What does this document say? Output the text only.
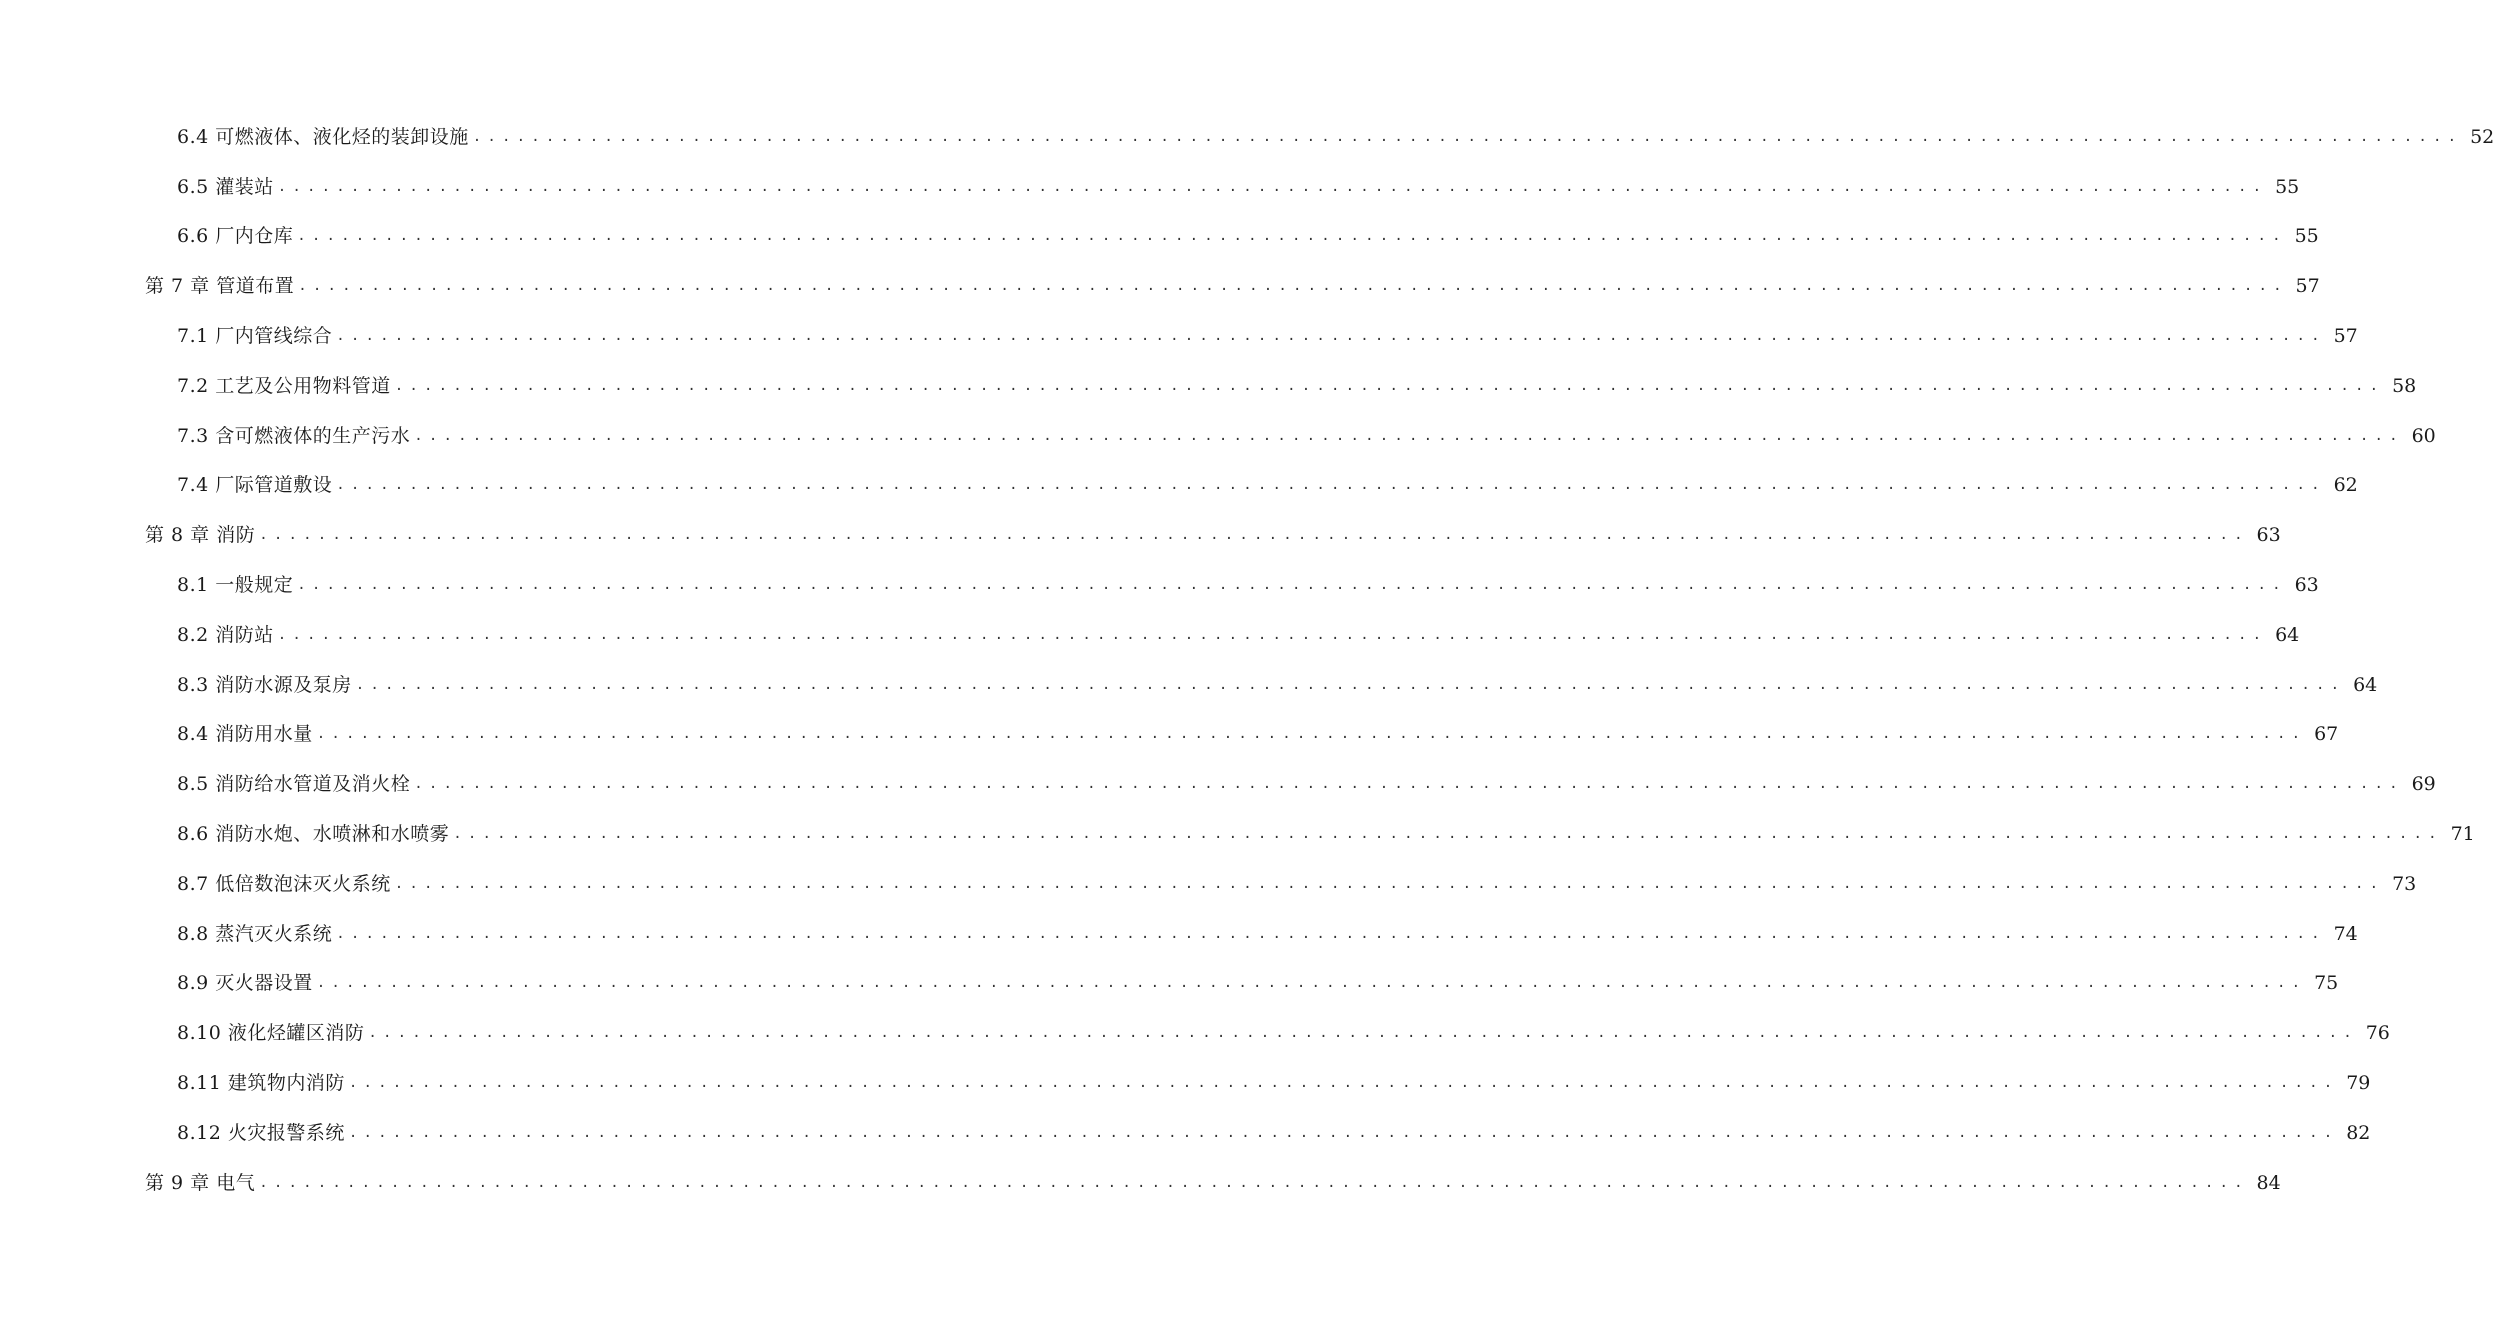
6.4 可燃液体、液化烃的装卸设施 ........................................................................................................................................ 52
6.5 灌装站 ........................................................................................................................................ 55
6.6 厂内仓库 ........................................................................................................................................ 55
第 7 章 管道布置 ........................................................................................................................................ 57
7.1 厂内管线综合 ........................................................................................................................................ 57
7.2 工艺及公用物料管道 ........................................................................................................................................ 58
7.3 含可燃液体的生产污水 ........................................................................................................................................ 60
7.4 厂际管道敷设 ........................................................................................................................................ 62
第 8 章 消防 ........................................................................................................................................ 63
8.1 一般规定 ........................................................................................................................................ 63
8.2 消防站 ........................................................................................................................................ 64
8.3 消防水源及泵房 ........................................................................................................................................ 64
8.4 消防用水量 ........................................................................................................................................ 67
8.5 消防给水管道及消火栓 ........................................................................................................................................ 69
8.6 消防水炮、水喷淋和水喷雾 ........................................................................................................................................ 71
8.7 低倍数泡沫灭火系统 ........................................................................................................................................ 73
8.8 蒸汽灭火系统 ........................................................................................................................................ 74
8.9 灭火器设置 ........................................................................................................................................ 75
8.10 液化烃罐区消防 ........................................................................................................................................ 76
8.11 建筑物内消防 ........................................................................................................................................ 79
8.12 火灾报警系统 ........................................................................................................................................ 82
第 9 章 电气 ........................................................................................................................................ 84
